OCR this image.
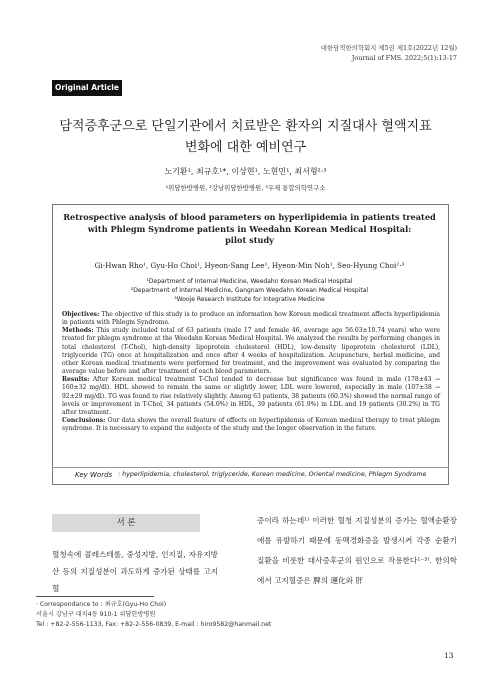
대한담적한의학회지 제5권 제1호(2022년 12월)
Journal of FMS. 2022;5(1):13-17
Original Article
담적증후군으로 단일기관에서 치료받은 환자의 지질대사 혈액지표
변화에 대한 예비연구
노기환¹, 최규호¹*, 이상현¹, 노현민¹, 최서형²·³
¹위담한방병원, ²강남위담한방병원, ³우제 통합의학연구소
Retrospective analysis of blood parameters on hyperlipidemia in patients treated
with Phlegm Syndrome patients in Weedahn Korean Medical Hospital:
pilot study
Gi-Hwan Rho¹, Gyu-Ho Choi¹, Hyeon-Sang Lee¹, Hyeon-Min Noh¹, Seo-Hyung Choi²·³
¹Department of Internal Medicine, Weedahn Korean Medical Hospital
²Department of Internal Medicine, Gangnam Weedahn Korean Medical Hospital
³Wooje Research Institute for Integrative Medicine

Objectives: The objective of this study is to produce an information how Korean medical treatment affects hyperlipidemia in patients with Phlegm Syndrome.

Methods: This study included total of 63 patients (male 17 and female 46, average age 56.03±10.74 years) who were treated for phlegm syndrome at the Weedahn Korean Medical Hospital. We analyzed the results by performing changes in total cholesterol (T-Chol), high-density lipoprotein cholesterol (HDL), low-density lipoprotein cholesterol (LDL), triglyceride (TG) once at hospitalization and once after 4 weeks of hospitalization. Acupuncture, herbal medicine, and other Korean medical treatments were performed for treatment, and the improvement was evaluated by comparing the average value before and after treatment of each blood parameters.

Results: After Korean medical treatment T-Chol tended to decrease but significance was found in male (178±43 → 160±32 mg/dl). HDL showed to remain the same or slightly lower, LDL were lowered, especially in male (107±38 → 92±29 mg/dl). TG was found to rise relatively slightly. Among 63 patients, 38 patients (60.3%) showed the normal range of levels or improvement in T-Chol, 34 patients (54.0%) in HDL, 39 patients (61.9%) in LDL and 19 patients (30.2%) in TG after treatment.

Conclusions: Our data shows the overall feature of effects on hyperlipidemia of Korean medical therapy to treat phlegm syndrome. It is necessary to expand the subjects of the study and the longer observation in the future.

Key Words : hyperlipidemia, cholesterol, triglyceride, Korean medicine, Oriental medicine, Phlegm Syndrome
서 론
혈청속에 콜레스테롤, 중성지방, 인지질, 자유지방산 등의 지질성분이 과도하게 증가된 상태를 고지혈
증이라 하는데¹⁾ 이러한 혈청 지질성분의 증가는 혈액순환장애를 유발하기 때문에 동맥경화증을 발생시켜 각종 순환기 질환을 비롯한 대사증후군의 원인으로 작용한다¹⁻³⁾. 한의학에서 고지혈증은 脾의 運化와 肝
· Correspondance to : 최규호(Gyu-Ho Choi)
서울시 강남구 대치4동 910-1 위담한방병원
Tel : +82-2-556-1133, Fax: +82-2-556-0839, E-mail : hiro9582@hanmail.net
13
